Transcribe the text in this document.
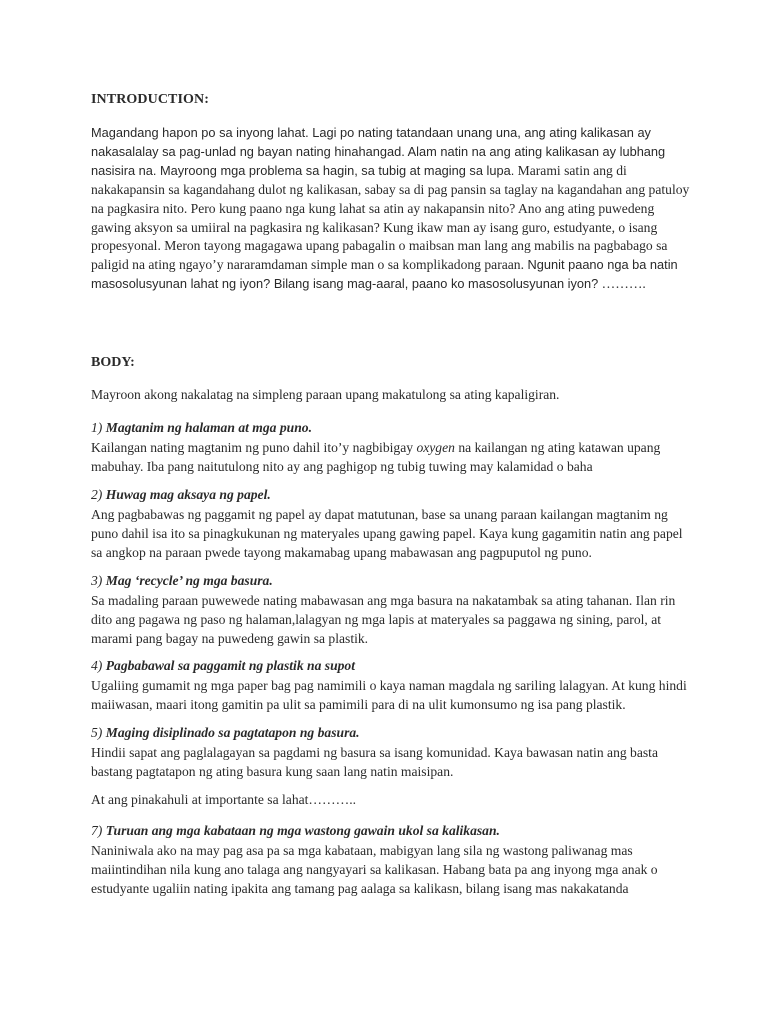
INTRODUCTION:

Magandang hapon po sa inyong lahat. Lagi po nating tatandaan unang una, ang ating kalikasan ay nakasalalay sa pag-unlad ng bayan nating hinahangad. Alam natin na ang ating kalikasan ay lubhang nasisira na. Mayroong mga problema sa hagin, sa tubig at maging sa lupa. Marami satin ang di nakakapansin sa kagandahang dulot ng kalikasan, sabay sa di pag pansin sa taglay na kagandahan ang patuloy na pagkasira nito. Pero kung paano nga kung lahat sa atin ay nakapansin nito? Ano ang ating puwedeng gawing aksyon sa umiiral na pagkasira ng kalikasan? Kung ikaw man ay isang guro, estudyante, o isang propesyonal. Meron tayong magagawa upang pabagalin o maibsan man lang ang mabilis na pagbabago sa paligid na ating ngayo’y nararamdaman simple man o sa komplikadong paraan. Ngunit paano nga ba natin masosolusyunan lahat ng iyon? Bilang isang mag-aaral, paano ko masosolusyunan iyon? ……….

BODY:

Mayroon akong nakalatag na simpleng paraan upang makatulong sa ating kapaligiran.

1) Magtanim ng halaman at mga puno.

Kailangan nating magtanim ng puno dahil ito’y nagbibigay oxygen na kailangan ng ating katawan upang mabuhay. Iba pang naitutulong nito ay ang paghigop ng tubig tuwing may kalamidad o baha

2) Huwag mag aksaya ng papel.

Ang pagbabawas ng paggamit ng papel ay dapat matutunan, base sa unang paraan kailangan magtanim ng puno dahil isa ito sa pinagkukunan ng materyales upang gawing papel. Kaya kung gagamitin natin ang papel sa angkop na paraan pwede tayong makamabag upang mabawasan ang pagpuputol ng puno.

3) Mag ‘recycle’ ng mga basura.

Sa madaling paraan puwewede nating mabawasan ang mga basura na nakatambak sa ating tahanan. Ilan rin dito ang pagawa ng paso ng halaman,lalagyan ng mga lapis at materyales sa paggawa ng sining, parol, at marami pang bagay na puwedeng gawin sa plastik.

4) Pagbabawal sa paggamit ng plastik na supot

Ugaliing gumamit ng mga paper bag pag namimili o kaya naman magdala ng sariling lalagyan. At kung hindi maiiwasan, maari itong gamitin pa ulit sa pamimili para di na ulit kumonsumo ng isa pang plastik.

5) Maging disiplinado sa pagtatapon ng basura.

Hindii sapat ang paglalagayan sa pagdami ng basura sa isang komunidad. Kaya bawasan natin ang basta bastang pagtatapon ng ating basura kung saan lang natin maisipan.

At ang pinakahuli at importante sa lahat………..

7) Turuan ang mga kabataan ng mga wastong gawain ukol sa kalikasan.

Naniniwala ako na may pag asa pa sa mga kabataan, mabigyan lang sila ng wastong paliwanag mas maiintindihan nila kung ano talaga ang nangyayari sa kalikasan. Habang bata pa ang inyong mga anak o estudyante ugaliin nating ipakita ang tamang pag aalaga sa kalikasn, bilang isang mas nakakatanda
